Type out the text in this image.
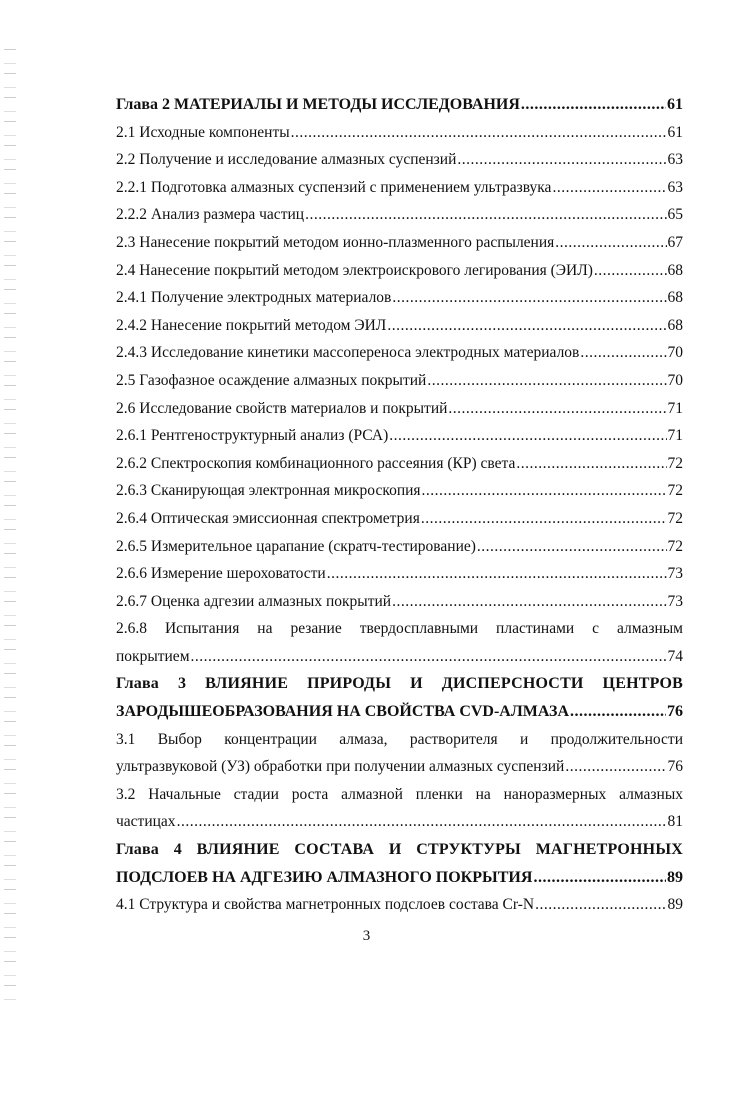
Глава 2 МАТЕРИАЛЫ И МЕТОДЫ ИССЛЕДОВАНИЯ .....	61
2.1 Исходные компоненты .....	61
2.2 Получение и исследование алмазных суспензий .....	63
2.2.1 Подготовка алмазных суспензий с применением ультразвука .....	63
2.2.2 Анализ размера частиц .....	65
2.3 Нанесение покрытий методом ионно-плазменного распыления .....	67
2.4 Нанесение покрытий методом электроискрового легирования (ЭИЛ) .....	68
2.4.1 Получение электродных материалов .....	68
2.4.2 Нанесение покрытий методом ЭИЛ .....	68
2.4.3 Исследование кинетики массопереноса электродных материалов .....	70
2.5 Газофазное осаждение алмазных покрытий .....	70
2.6 Исследование свойств материалов и покрытий .....	71
2.6.1 Рентгеноструктурный анализ (РСА) .....	71
2.6.2 Спектроскопия комбинационного рассеяния (КР) света .....	72
2.6.3 Сканирующая электронная микроскопия .....	72
2.6.4 Оптическая эмиссионная спектрометрия .....	72
2.6.5 Измерительное царапание (скратч-тестирование) .....	72
2.6.6 Измерение шероховатости .....	73
2.6.7 Оценка адгезии алмазных покрытий .....	73
2.6.8 Испытания на резание твердосплавными пластинами с алмазным
покрытием .....	74
Глава 3 ВЛИЯНИЕ ПРИРОДЫ И ДИСПЕРСНОСТИ ЦЕНТРОВ
ЗАРОДЫШЕОБРАЗОВАНИЯ НА СВОЙСТВА CVD-АЛМАЗА .....	76
3.1 Выбор концентрации алмаза, растворителя и продолжительности
ультразвуковой (УЗ) обработки при получении алмазных суспензий .....	76
3.2 Начальные стадии роста алмазной пленки на наноразмерных алмазных
частицах .....	81
Глава 4 ВЛИЯНИЕ СОСТАВА И СТРУКТУРЫ МАГНЕТРОННЫХ
ПОДСЛОЕВ НА АДГЕЗИЮ АЛМАЗНОГО ПОКРЫТИЯ .....	89
4.1 Структура и свойства магнетронных подслоев состава Cr-N .....	89
3
